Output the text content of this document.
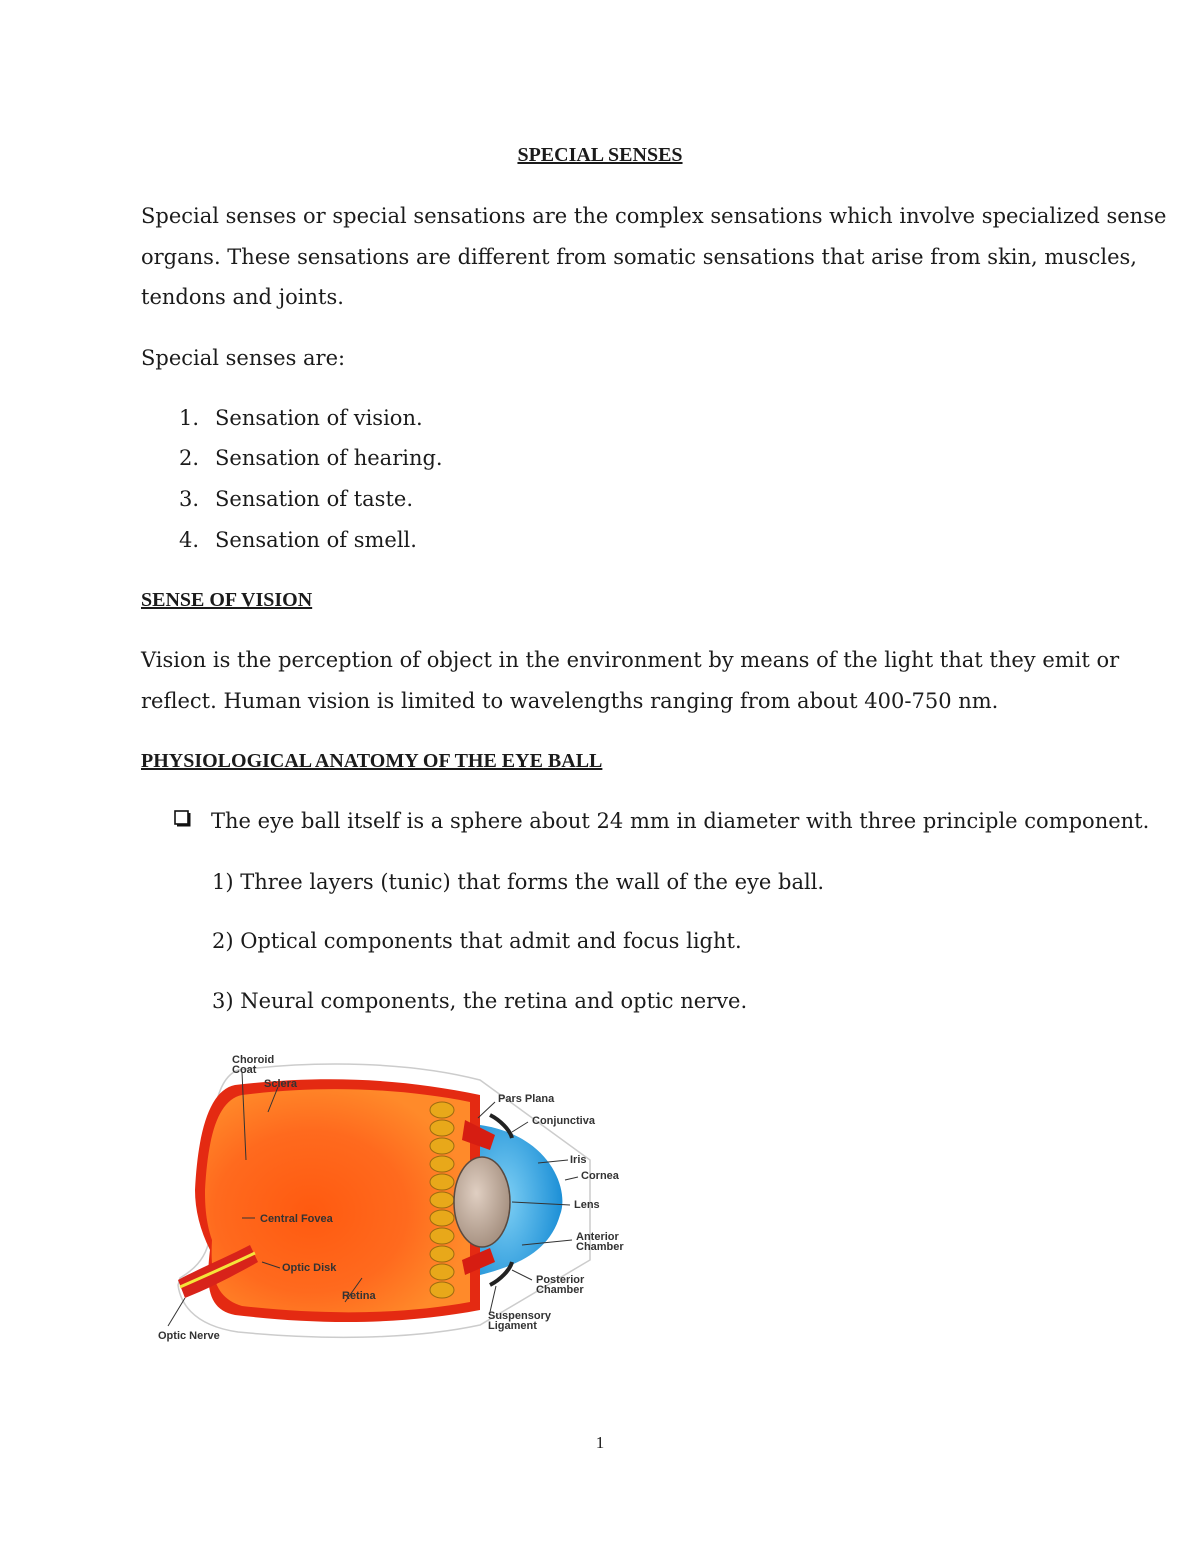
SPECIAL SENSES
Special senses or special sensations are the complex sensations which involve specialized sense
organs. These sensations are different from somatic sensations that arise from skin, muscles,
tendons and joints.
Special senses are:
1. Sensation of vision.
2. Sensation of hearing.
3. Sensation of taste.
4. Sensation of smell.
SENSE OF VISION
Vision is the perception of object in the environment by means of the light that they emit or
reflect. Human vision is limited to wavelengths ranging from about 400-750 nm.
PHYSIOLOGICAL ANATOMY OF THE EYE BALL
The eye ball itself is a sphere about 24 mm in diameter with three principle component.
1) Three layers (tunic) that forms the wall of the eye ball.
2) Optical components that admit and focus light.
3) Neural components, the retina and optic nerve.
Choroid
Coat
Sclera
Pars Plana
Conjunctiva
Iris
Cornea
Lens
Anterior
Chamber
Posterior
Chamber
Suspensory
Ligament
Central Fovea
Optic Disk
Retina
Optic Nerve
1
